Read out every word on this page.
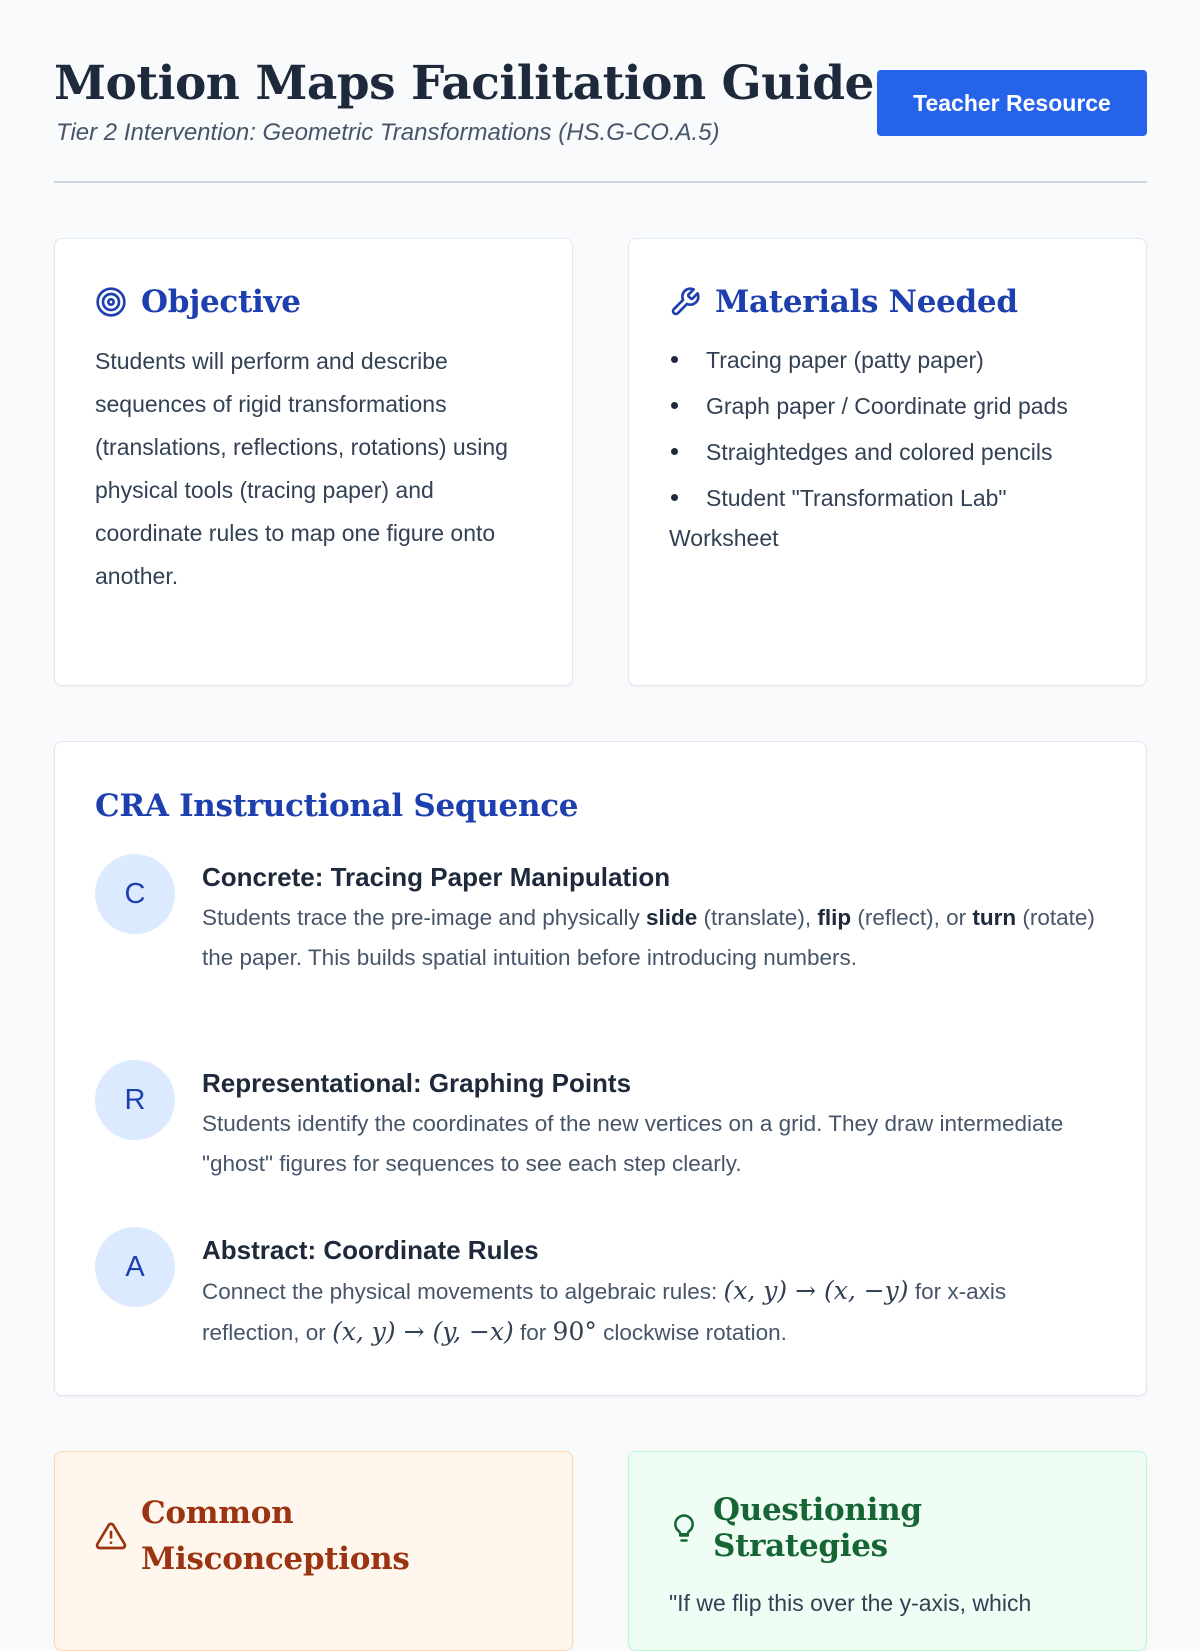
Motion Maps Facilitation Guide
Tier 2 Intervention: Geometric Transformations (HS.G-CO.A.5)
Teacher Resource
Objective

Students will perform and describe sequences of rigid transformations (translations, reflections, rotations) using physical tools (tracing paper) and coordinate rules to map one figure onto another.

Materials Needed
Tracing paper (patty paper)
Graph paper / Coordinate grid pads
Straightedges and colored pencils
Student "Transformation Lab" Worksheet
CRA Instructional Sequence
C
Concrete: Tracing Paper Manipulation
Students trace the pre-image and physically slide (translate), flip (reflect), or turn (rotate) the paper. This builds spatial intuition before introducing numbers.
R
Representational: Graphing Points
Students identify the coordinates of the new vertices on a grid. They draw intermediate "ghost" figures for sequences to see each step clearly.
A
Abstract: Coordinate Rules
Connect the physical movements to algebraic rules: (x, y) → (x, −y) for x-axis reflection, or (x, y) → (y, −x) for 90° clockwise rotation.
Common Misconceptions
Questioning Strategies

"If we flip this over the y-axis, which
